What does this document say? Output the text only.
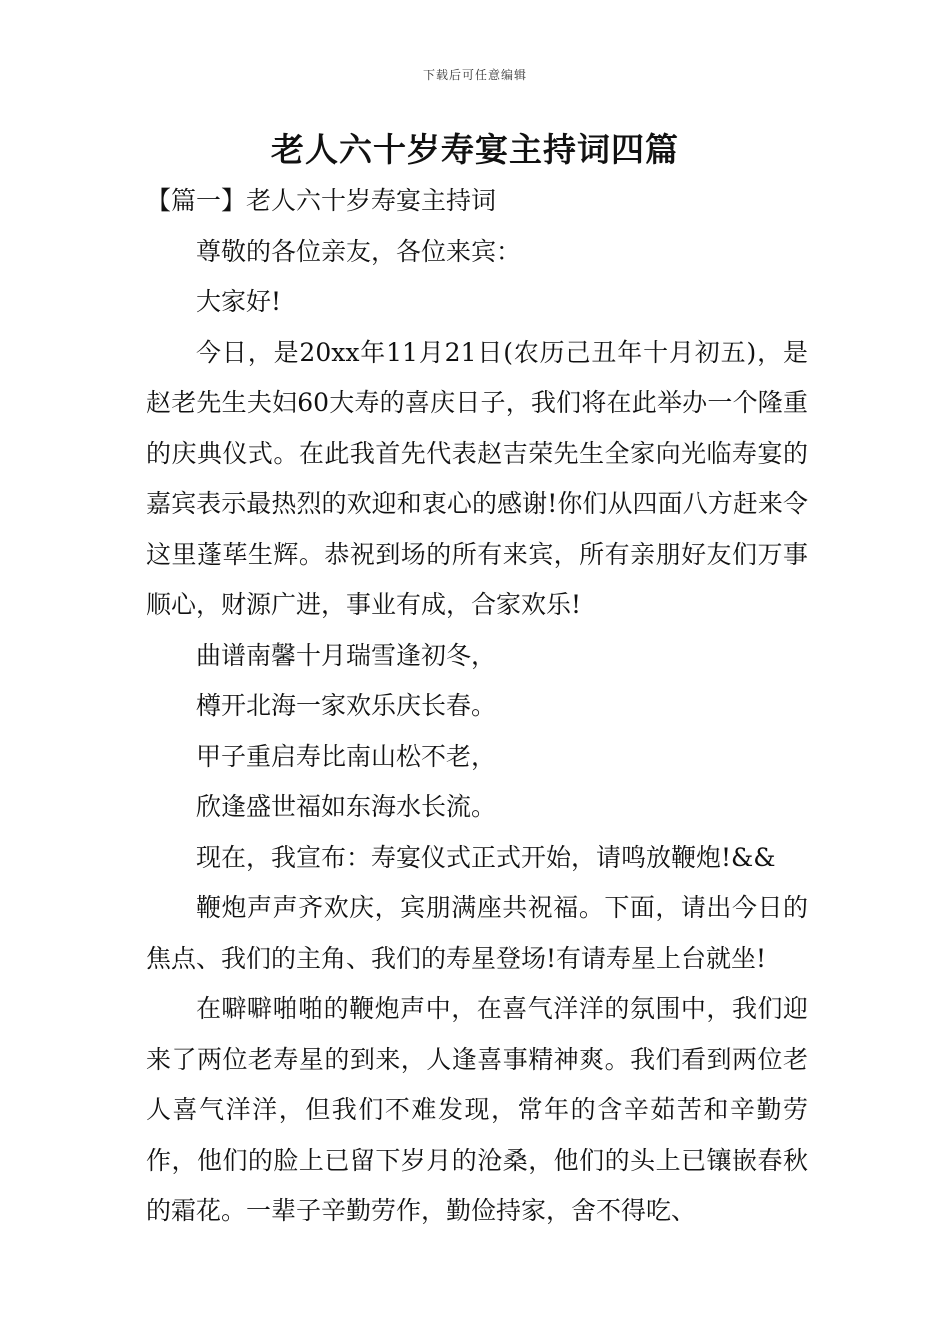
下载后可任意编辑
老人六十岁寿宴主持词四篇

【篇一】老人六十岁寿宴主持词

尊敬的各位亲友，各位来宾：

大家好!

今日，是20xx年11月21日(农历己丑年十月初五)，是赵老先生夫妇60大寿的喜庆日子，我们将在此举办一个隆重的庆典仪式。在此我首先代表赵吉荣先生全家向光临寿宴的嘉宾表示最热烈的欢迎和衷心的感谢!你们从四面八方赶来令这里蓬荜生辉。恭祝到场的所有来宾，所有亲朋好友们万事顺心，财源广进，事业有成，合家欢乐!

曲谱南馨十月瑞雪逢初冬，

樽开北海一家欢乐庆长春。

甲子重启寿比南山松不老，

欣逢盛世福如东海水长流。

现在，我宣布：寿宴仪式正式开始，请鸣放鞭炮!&&

鞭炮声声齐欢庆，宾朋满座共祝福。下面，请出今日的焦点、我们的主角、我们的寿星登场!有请寿星上台就坐!

在噼噼啪啪的鞭炮声中，在喜气洋洋的氛围中，我们迎来了两位老寿星的到来，人逢喜事精神爽。我们看到两位老人喜气洋洋，但我们不难发现，常年的含辛茹苦和辛勤劳作，他们的脸上已留下岁月的沧桑，他们的头上已镶嵌春秋的霜花。一辈子辛勤劳作，勤俭持家，舍不得吃、
